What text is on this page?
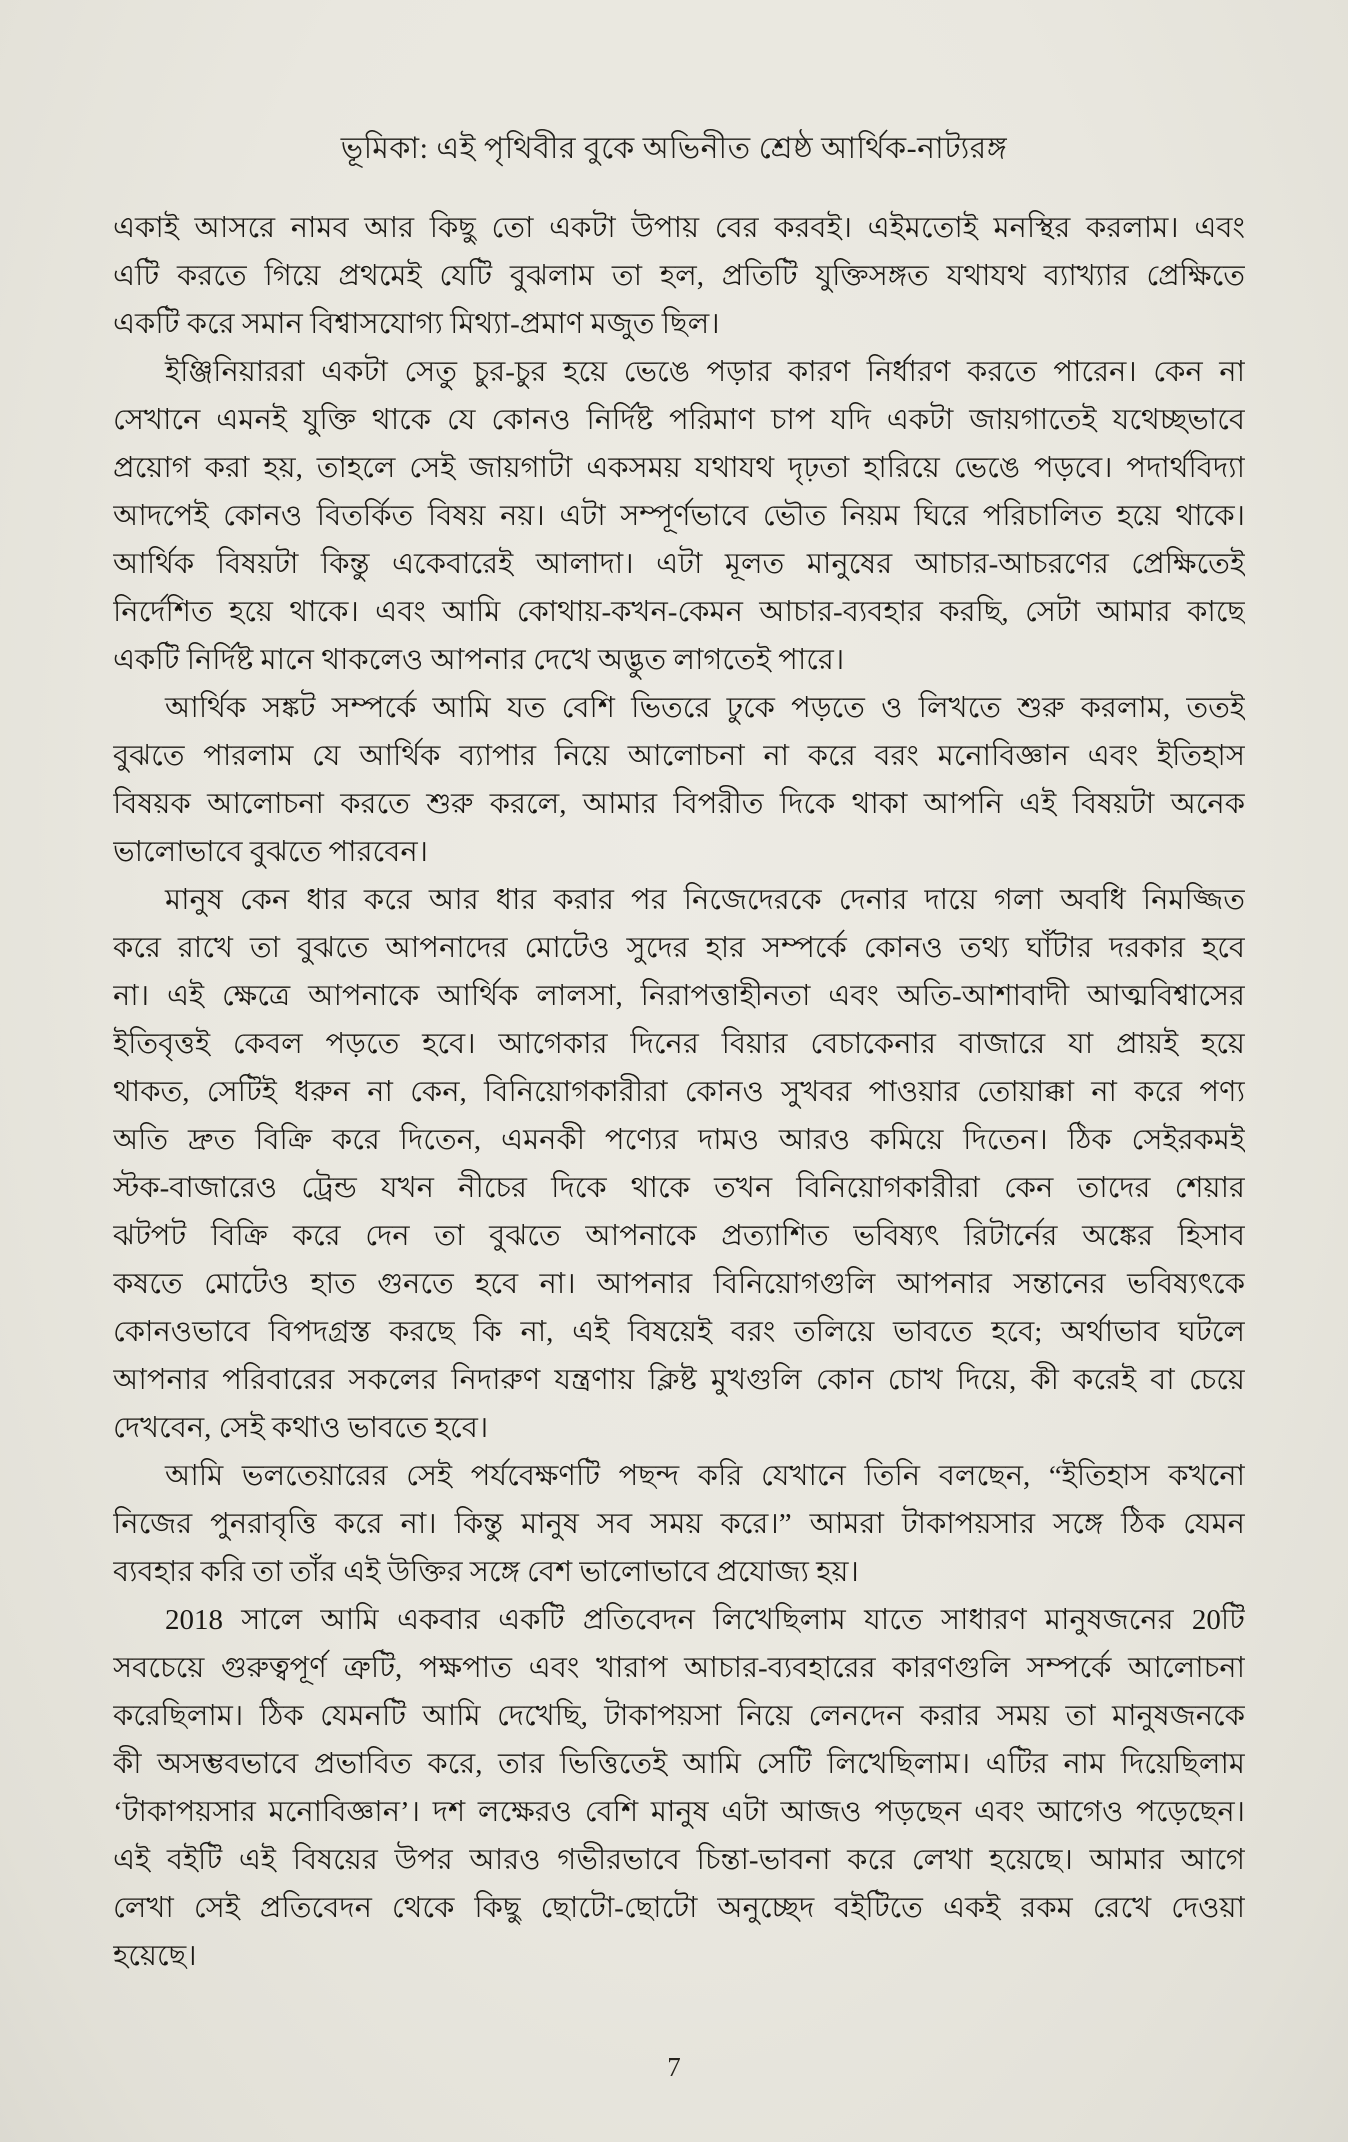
ভূমিকা: এই পৃথিবীর বুকে অভিনীত শ্রেষ্ঠ আর্থিক-নাট্যরঙ্গ
একাই আসরে নামব আর কিছু তো একটা উপায় বের করবই। এইমতোই মনস্থির করলাম। এবং
এটি করতে গিয়ে প্রথমেই যেটি বুঝলাম তা হল, প্রতিটি যুক্তিসঙ্গত যথাযথ ব্যাখ্যার প্রেক্ষিতে
একটি করে সমান বিশ্বাসযোগ্য মিথ্যা-প্রমাণ মজুত ছিল।
ইঞ্জিনিয়াররা একটা সেতু চুর-চুর হয়ে ভেঙে পড়ার কারণ নির্ধারণ করতে পারেন। কেন না
সেখানে এমনই যুক্তি থাকে যে কোনও নির্দিষ্ট পরিমাণ চাপ যদি একটা জায়গাতেই যথেচ্ছভাবে
প্রয়োগ করা হয়, তাহলে সেই জায়গাটা একসময় যথাযথ দৃঢ়তা হারিয়ে ভেঙে পড়বে। পদার্থবিদ্যা
আদপেই কোনও বিতর্কিত বিষয় নয়। এটা সম্পূর্ণভাবে ভৌত নিয়ম ঘিরে পরিচালিত হয়ে থাকে।
আর্থিক বিষয়টা কিন্তু একেবারেই আলাদা। এটা মূলত মানুষের আচার-আচরণের প্রেক্ষিতেই
নির্দেশিত হয়ে থাকে। এবং আমি কোথায়-কখন-কেমন আচার-ব্যবহার করছি, সেটা আমার কাছে
একটি নির্দিষ্ট মানে থাকলেও আপনার দেখে অদ্ভুত লাগতেই পারে।
আর্থিক সঙ্কট সম্পর্কে আমি যত বেশি ভিতরে ঢুকে পড়তে ও লিখতে শুরু করলাম, ততই
বুঝতে পারলাম যে আর্থিক ব্যাপার নিয়ে আলোচনা না করে বরং মনোবিজ্ঞান এবং ইতিহাস
বিষয়ক আলোচনা করতে শুরু করলে, আমার বিপরীত দিকে থাকা আপনি এই বিষয়টা অনেক
ভালোভাবে বুঝতে পারবেন।
মানুষ কেন ধার করে আর ধার করার পর নিজেদেরকে দেনার দায়ে গলা অবধি নিমজ্জিত
করে রাখে তা বুঝতে আপনাদের মোটেও সুদের হার সম্পর্কে কোনও তথ্য ঘাঁটার দরকার হবে
না। এই ক্ষেত্রে আপনাকে আর্থিক লালসা, নিরাপত্তাহীনতা এবং অতি-আশাবাদী আত্মবিশ্বাসের
ইতিবৃত্তই কেবল পড়তে হবে। আগেকার দিনের বিয়ার বেচাকেনার বাজারে যা প্রায়ই হয়ে
থাকত, সেটিই ধরুন না কেন, বিনিয়োগকারীরা কোনও সুখবর পাওয়ার তোয়াক্কা না করে পণ্য
অতি দ্রুত বিক্রি করে দিতেন, এমনকী পণ্যের দামও আরও কমিয়ে দিতেন। ঠিক সেইরকমই
স্টক-বাজারেও ট্রেন্ড যখন নীচের দিকে থাকে তখন বিনিয়োগকারীরা কেন তাদের শেয়ার
ঝটপট বিক্রি করে দেন তা বুঝতে আপনাকে প্রত্যাশিত ভবিষ্যৎ রিটার্নের অঙ্কের হিসাব
কষতে মোটেও হাত গুনতে হবে না। আপনার বিনিয়োগগুলি আপনার সন্তানের ভবিষ্যৎকে
কোনওভাবে বিপদগ্রস্ত করছে কি না, এই বিষয়েই বরং তলিয়ে ভাবতে হবে; অর্থাভাব ঘটলে
আপনার পরিবারের সকলের নিদারুণ যন্ত্রণায় ক্লিষ্ট মুখগুলি কোন চোখ দিয়ে, কী করেই বা চেয়ে
দেখবেন, সেই কথাও ভাবতে হবে।
আমি ভলতেয়ারের সেই পর্যবেক্ষণটি পছন্দ করি যেখানে তিনি বলছেন, “ইতিহাস কখনো
নিজের পুনরাবৃত্তি করে না। কিন্তু মানুষ সব সময় করে।” আমরা টাকাপয়সার সঙ্গে ঠিক যেমন
ব্যবহার করি তা তাঁর এই উক্তির সঙ্গে বেশ ভালোভাবে প্রযোজ্য হয়।
2018 সালে আমি একবার একটি প্রতিবেদন লিখেছিলাম যাতে সাধারণ মানুষজনের 20টি
সবচেয়ে গুরুত্বপূর্ণ ত্রুটি, পক্ষপাত এবং খারাপ আচার-ব্যবহারের কারণগুলি সম্পর্কে আলোচনা
করেছিলাম। ঠিক যেমনটি আমি দেখেছি, টাকাপয়সা নিয়ে লেনদেন করার সময় তা মানুষজনকে
কী অসম্ভবভাবে প্রভাবিত করে, তার ভিত্তিতেই আমি সেটি লিখেছিলাম। এটির নাম দিয়েছিলাম
‘টাকাপয়সার মনোবিজ্ঞান’। দশ লক্ষেরও বেশি মানুষ এটা আজও পড়ছেন এবং আগেও পড়েছেন।
এই বইটি এই বিষয়ের উপর আরও গভীরভাবে চিন্তা-ভাবনা করে লেখা হয়েছে। আমার আগে
লেখা সেই প্রতিবেদন থেকে কিছু ছোটো-ছোটো অনুচ্ছেদ বইটিতে একই রকম রেখে দেওয়া
হয়েছে।
7
